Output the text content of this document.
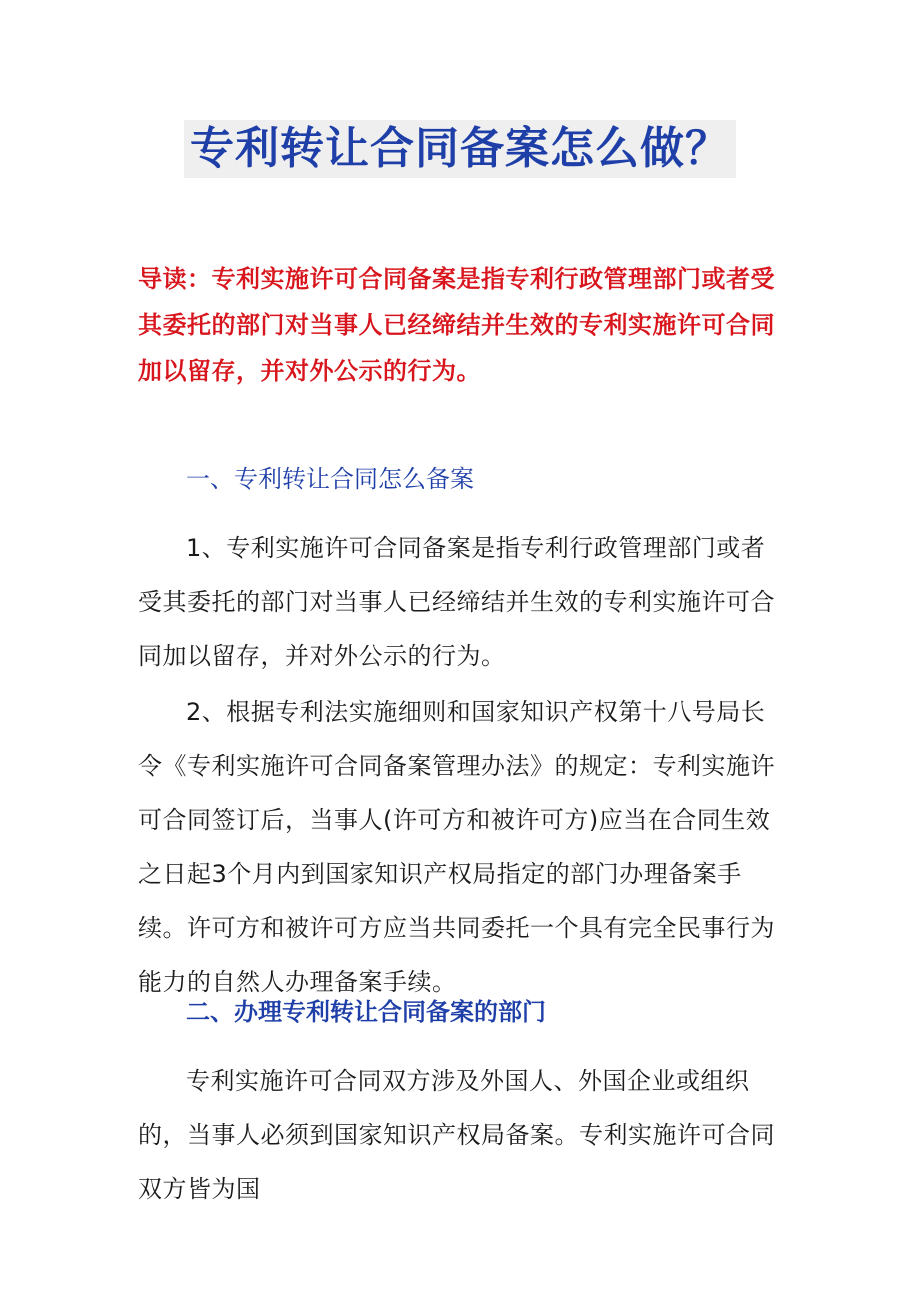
专利转让合同备案怎么做？
导读：专利实施许可合同备案是指专利行政管理部门或者受其委托的部门对当事人已经缔结并生效的专利实施许可合同加以留存，并对外公示的行为。
一、专利转让合同怎么备案
1、专利实施许可合同备案是指专利行政管理部门或者受其委托的部门对当事人已经缔结并生效的专利实施许可合同加以留存，并对外公示的行为。
2、根据专利法实施细则和国家知识产权第十八号局长令《专利实施许可合同备案管理办法》的规定：专利实施许可合同签订后，当事人(许可方和被许可方)应当在合同生效之日起3个月内到国家知识产权局指定的部门办理备案手续。许可方和被许可方应当共同委托一个具有完全民事行为能力的自然人办理备案手续。
二、办理专利转让合同备案的部门
专利实施许可合同双方涉及外国人、外国企业或组织的，当事人必须到国家知识产权局备案。专利实施许可合同双方皆为国
